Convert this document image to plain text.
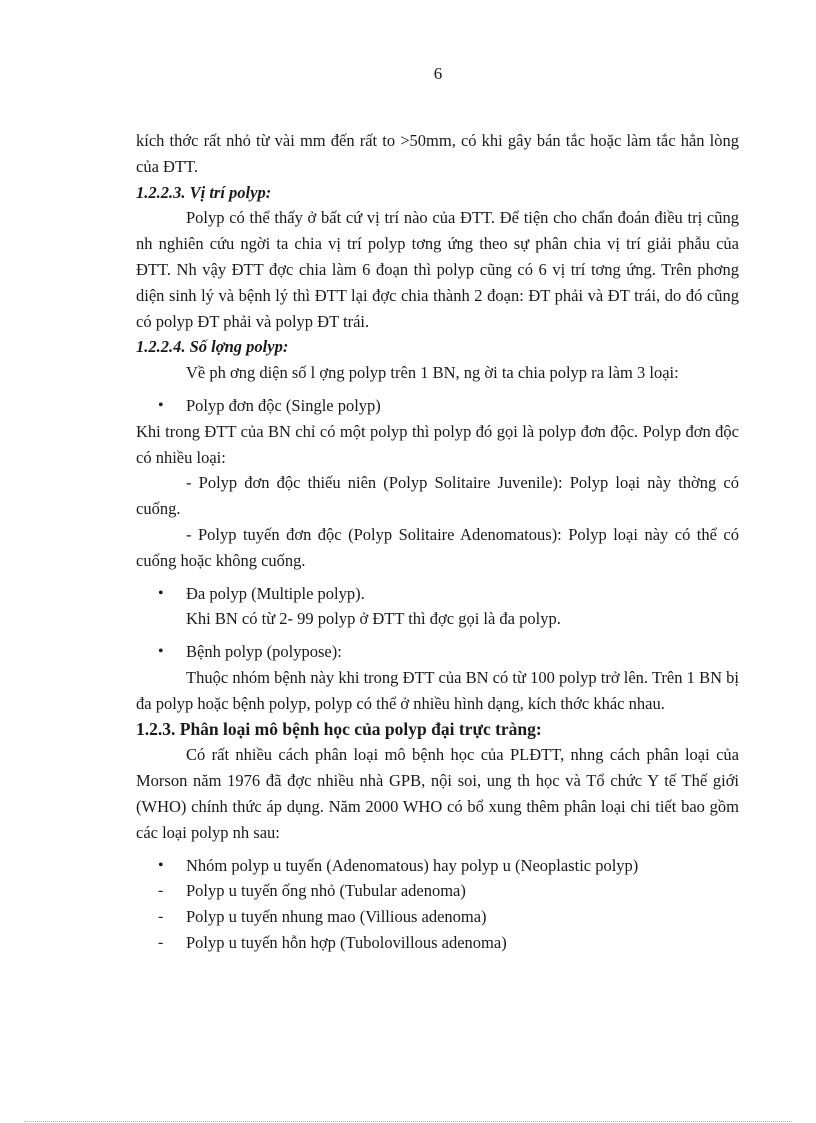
6

kích thớc rất nhỏ từ vài mm đến rất to >50mm, có khi gây bán tắc hoặc làm tắc hẳn lòng của ĐTT.

1.2.2.3. Vị trí polyp:

Polyp có thể thấy ở bất cứ vị trí nào của ĐTT. Để tiện cho chẩn đoán điều trị cũng nh nghiên cứu ngời ta chia vị trí polyp tơng ứng theo sự phân chia vị trí giải phẫu của ĐTT. Nh vậy ĐTT đợc chia làm 6 đoạn thì polyp cũng có 6 vị trí tơng ứng. Trên phơng diện sinh lý và bệnh lý thì ĐTT lại đợc chia thành 2 đoạn: ĐT phải và ĐT trái, do đó cũng có polyp ĐT phải và polyp ĐT trái.

1.2.2.4. Số lợng polyp:

Về ph ơng diện số l ợng polyp trên 1 BN, ng ời ta chia polyp ra làm 3 loại:

• Polyp đơn độc (Single polyp)

Khi trong ĐTT của BN chỉ có một polyp thì polyp đó gọi là polyp đơn độc. Polyp đơn độc có nhiều loại:

- Polyp đơn độc thiếu niên (Polyp Solitaire Juvenile): Polyp loại này thờng có cuống.

- Polyp tuyến đơn độc (Polyp Solitaire Adenomatous): Polyp loại này có thể có cuống hoặc không cuống.

• Đa polyp (Multiple polyp).

Khi BN có từ 2- 99 polyp ở ĐTT thì đợc gọi là đa polyp.

• Bệnh polyp (polypose):

Thuộc nhóm bệnh này khi trong ĐTT của BN có từ 100 polyp trở lên. Trên 1 BN bị đa polyp hoặc bệnh polyp, polyp có thể ở nhiều hình dạng, kích thớc khác nhau.

1.2.3. Phân loại mô bệnh học của polyp đại trực tràng:

Có rất nhiều cách phân loại mô bệnh học của PLĐTT, nhng cách phân loại của Morson năm 1976 đã đợc nhiều nhà GPB, nội soi, ung th học và Tổ chức Y tế Thế giới (WHO) chính thức áp dụng. Năm 2000 WHO có bổ xung thêm phân loại chi tiết bao gồm các loại polyp nh sau:

• Nhóm polyp u tuyến (Adenomatous) hay polyp u (Neoplastic polyp)
- Polyp u tuyến ống nhỏ (Tubular adenoma)
- Polyp u tuyến nhung mao (Villious adenoma)
- Polyp u tuyến hỗn hợp (Tubolovillous adenoma)
